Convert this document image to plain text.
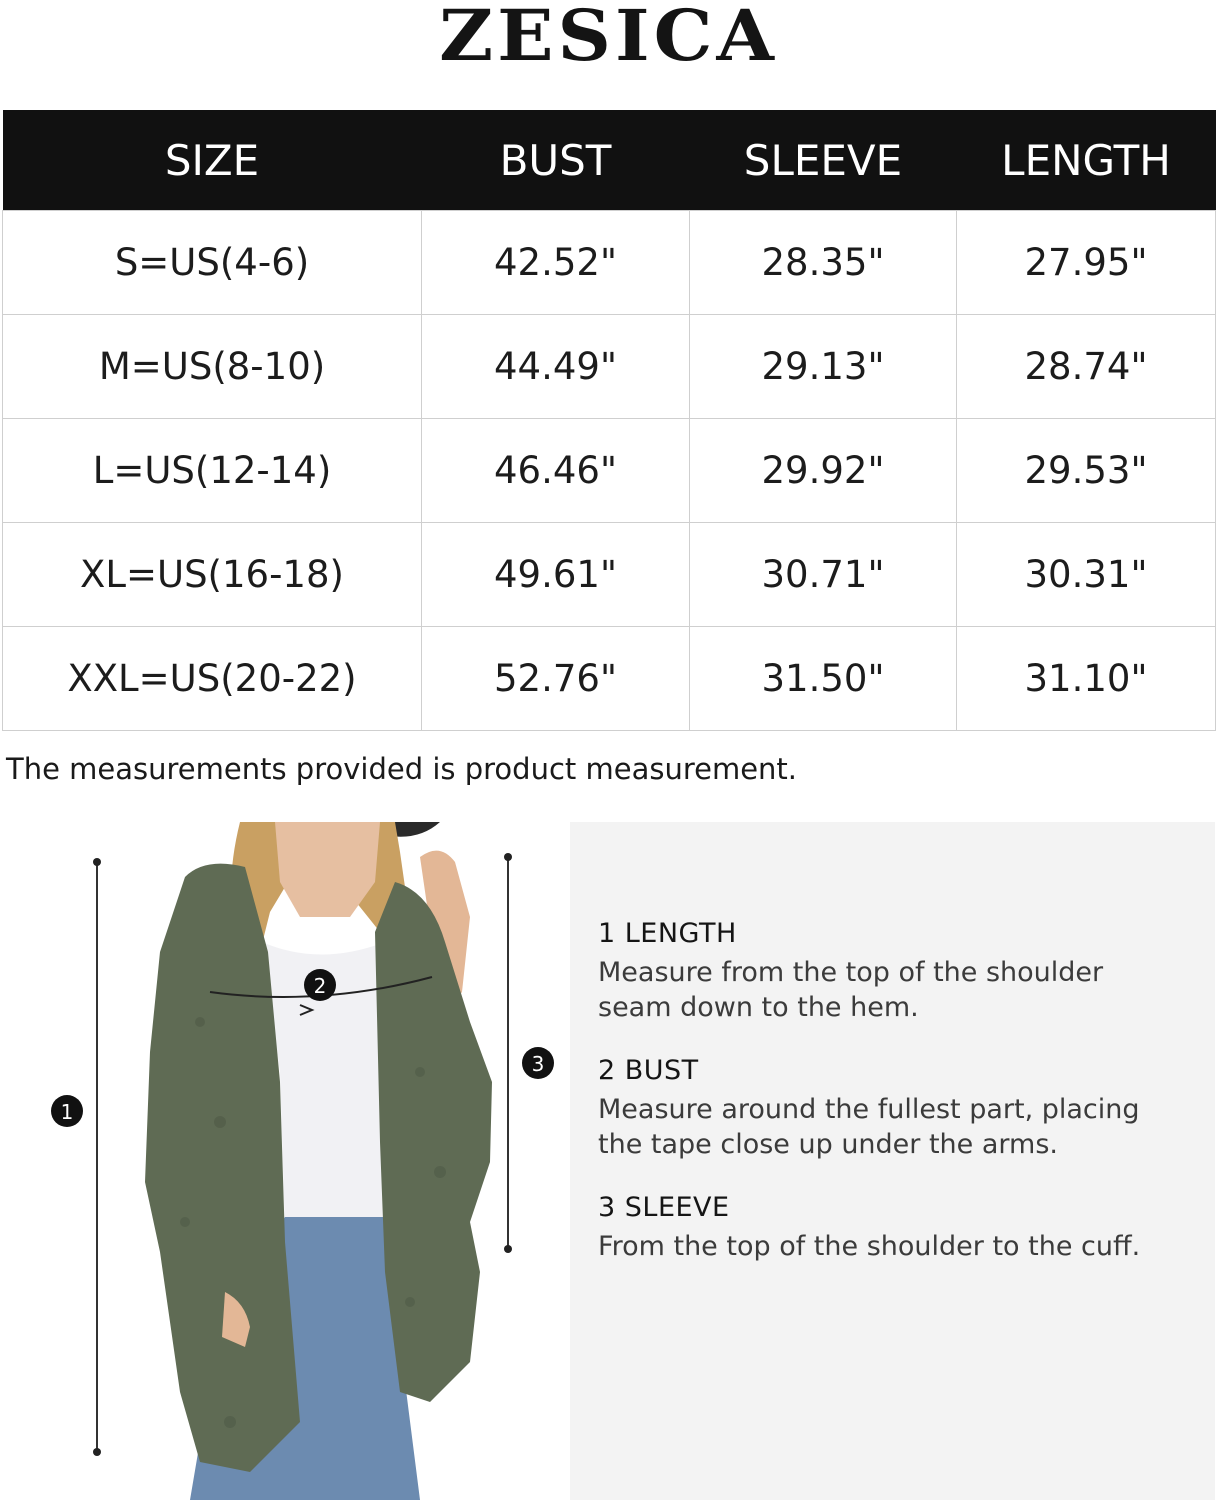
ZESICA
SIZE	BUST	SLEEVE	LENGTH
S=US(4-6)	42.52"	28.35"	27.95"
M=US(8-10)	44.49"	29.13"	28.74"
L=US(12-14)	46.46"	29.92"	29.53"
XL=US(16-18)	49.61"	30.71"	30.31"
XXL=US(20-22)	52.76"	31.50"	31.10"
The measurements provided is product measurement.
1
3
2
1 LENGTH
Measure from the top of the shoulder
seam down to the hem.
2 BUST
Measure around the fullest part, placing
the tape close up under the arms.
3 SLEEVE
From the top of the shoulder to the cuff.
